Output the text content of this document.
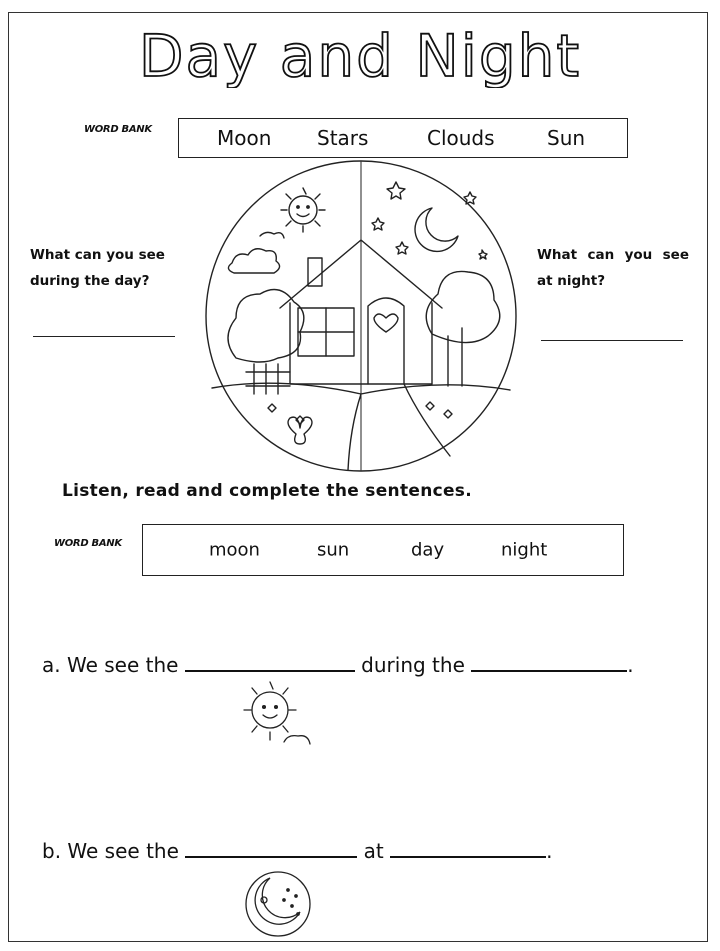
Day and Night
WORD BANK	Moon Stars	Clouds	Sun
What can you see during the day?
What can you see at night?
Listen, read and complete the sentences.
WORD BANK	moon	sun	day	night
a. We see the	during the	.
b. We see the	at	.
